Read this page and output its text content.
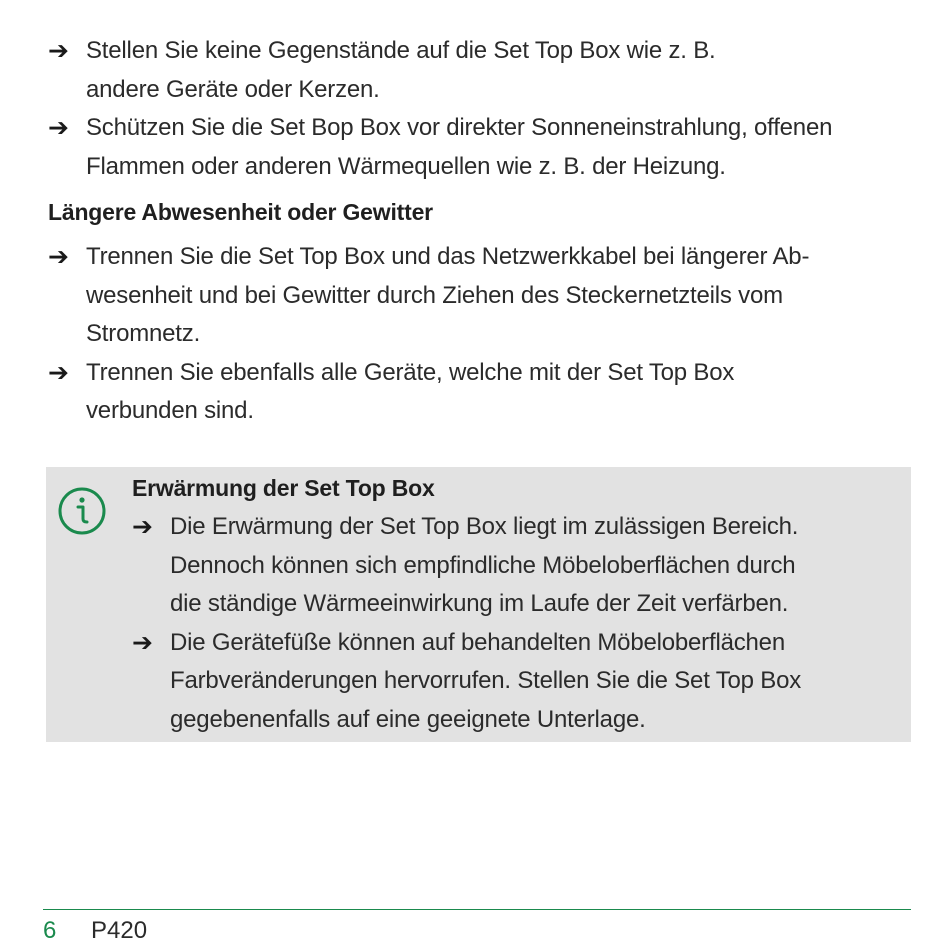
➔ Stellen Sie keine Gegenstände auf die Set Top Box wie z. B.
andere Geräte oder Kerzen.
➔ Schützen Sie die Set Bop Box vor direkter Sonneneinstrahlung, offenen
Flammen oder anderen Wärmequellen wie z. B. der Heizung.
Längere Abwesenheit oder Gewitter
➔ Trennen Sie die Set Top Box und das Netzwerkkabel bei längerer Ab-
wesenheit und bei Gewitter durch Ziehen des Steckernetzteils vom
Stromnetz.
➔ Trennen Sie ebenfalls alle Geräte, welche mit der Set Top Box
verbunden sind.
Erwärmung der Set Top Box
➔ Die Erwärmung der Set Top Box liegt im zulässigen Bereich.
Dennoch können sich empfindliche Möbeloberflächen durch
die ständige Wärmeeinwirkung im Laufe der Zeit verfärben.
➔ Die Gerätefüße können auf behandelten Möbeloberflächen
Farbveränderungen hervorrufen. Stellen Sie die Set Top Box
gegebenenfalls auf eine geeignete Unterlage.
6 P420
